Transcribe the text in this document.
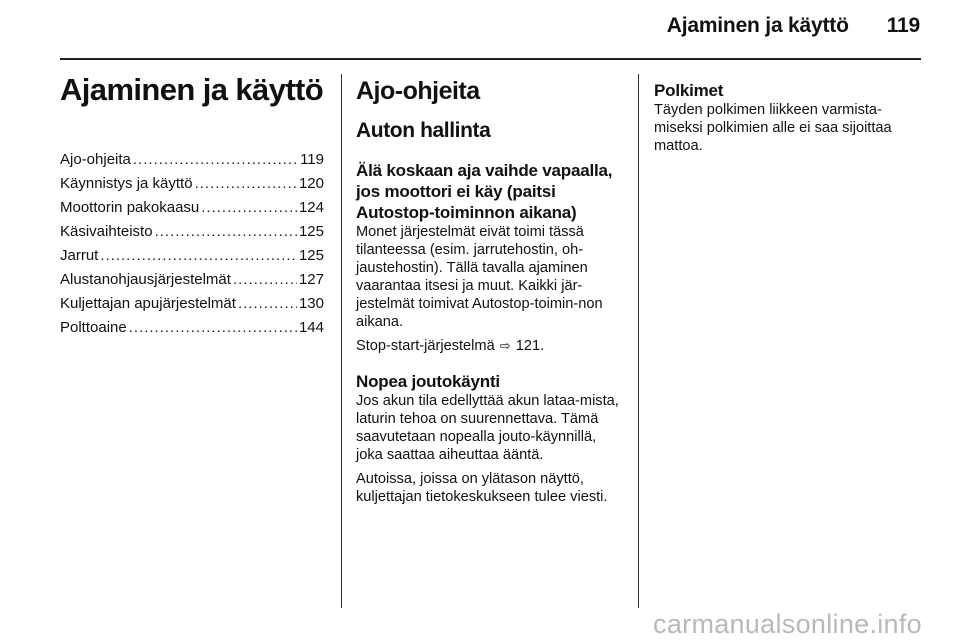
Ajaminen ja käyttö 119
Ajaminen ja käyttö
Ajo-ohjeita .....	119
Käynnistys ja käyttö .....	120
Moottorin pakokaasu .....	124
Käsivaihteisto .....	125
Jarrut .....	125
Alustanohjausjärjestelmät .....	127
Kuljettajan apujärjestelmät .....	130
Polttoaine .....	144
Ajo-ohjeita
Auton hallinta
Älä koskaan aja vaihde vapaalla, jos moottori ei käy (paitsi Autostop-toiminnon aikana)

Monet järjestelmät eivät toimi tässä tilanteessa (esim. jarrutehostin, oh-jaustehostin). Tällä tavalla ajaminen vaarantaa itsesi ja muut. Kaikki jär-jestelmät toimivat Autostop-toimin-non aikana.

Stop-start-järjestelmä ⇨ 121.

Nopea joutokäynti

Jos akun tila edellyttää akun lataa-mista, laturin tehoa on suurennettava. Tämä saavutetaan nopealla jouto-käynnillä, joka saattaa aiheuttaa ääntä.

Autoissa, joissa on ylätason näyttö, kuljettajan tietokeskukseen tulee viesti.

Polkimet

Täyden polkimen liikkeen varmista-miseksi polkimien alle ei saa sijoittaa mattoa.

carmanualsonline.info
